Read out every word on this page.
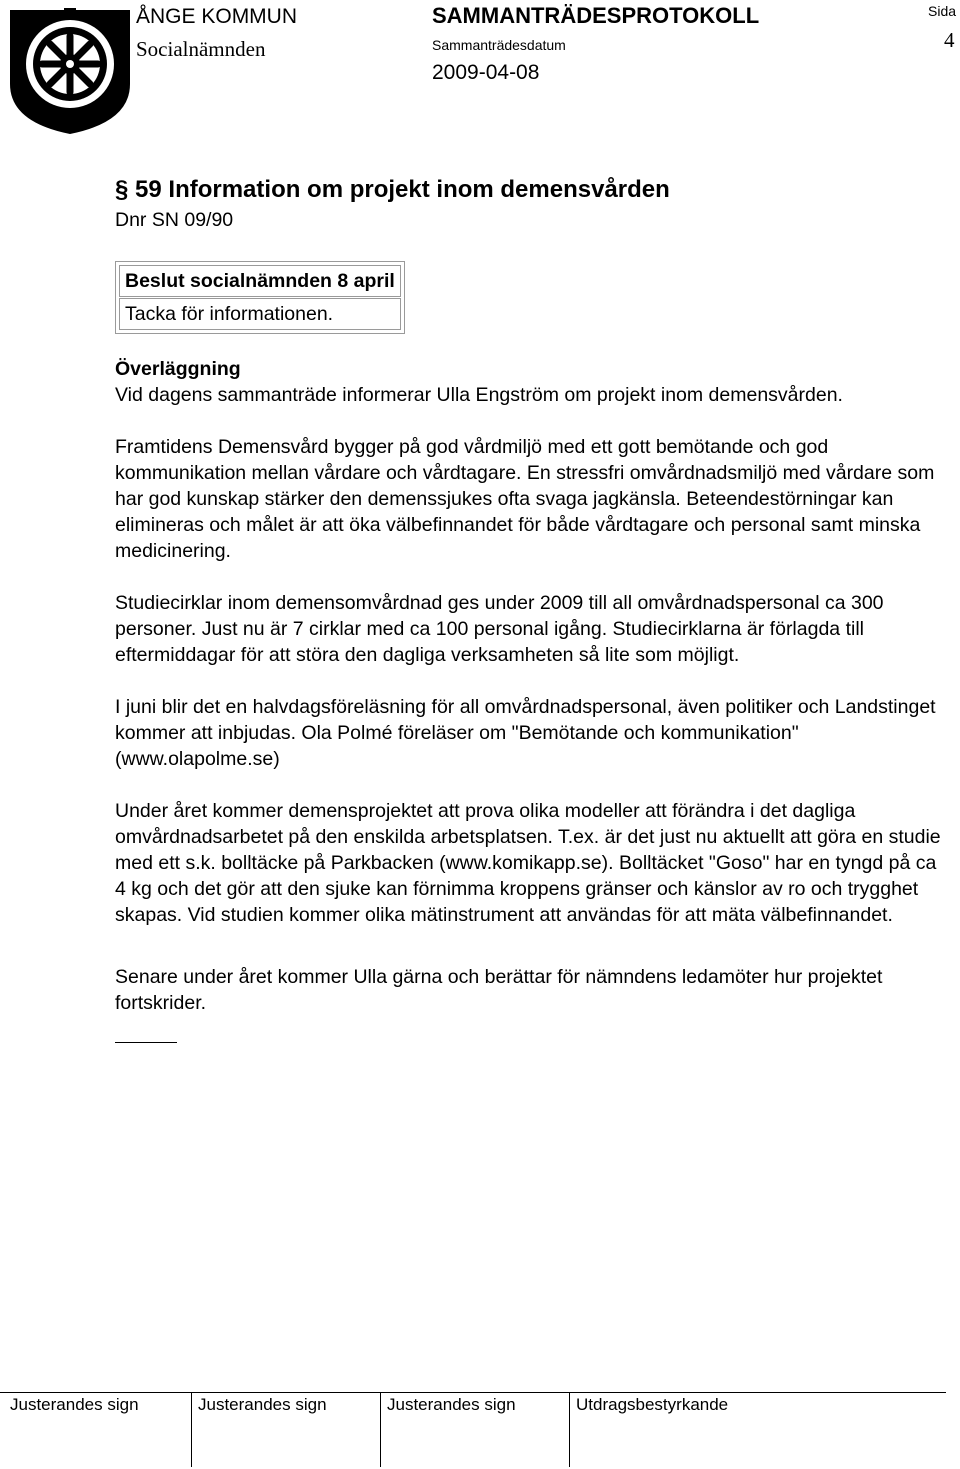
ÅNGE KOMMUN
Socialnämnden
SAMMANTRÄDESPROTOKOLL
Sammanträdesdatum
2009-04-08
Sida
4
§ 59 Information om projekt inom demensvården
Dnr SN 09/90
Beslut socialnämnden 8 april
Tacka för informationen.
Överläggning

Vid dagens sammanträde informerar Ulla Engström om projekt inom demensvården.

Framtidens Demensvård bygger på god vårdmiljö med ett gott bemötande och god kommunikation mellan vårdare och vårdtagare. En stressfri omvårdnadsmiljö med vårdare som har god kunskap stärker den demenssjukes ofta svaga jagkänsla. Beteendestörningar kan elimineras och målet är att öka välbefinnandet för både vårdtagare och personal samt minska medicinering.

Studiecirklar inom demensomvårdnad ges under 2009 till all omvårdnadspersonal ca 300 personer. Just nu är 7 cirklar med ca 100 personal igång. Studiecirklarna är förlagda till eftermiddagar för att störa den dagliga verksamheten så lite som möjligt.

I juni blir det en halvdagsföreläsning för all omvårdnadspersonal, även politiker och Landstinget kommer att inbjudas. Ola Polmé föreläser om "Bemötande och kommunikation" (www.olapolme.se)

Under året kommer demensprojektet att prova olika modeller att förändra i det dagliga omvårdnadsarbetet på den enskilda arbetsplatsen. T.ex. är det just nu aktuellt att göra en studie med ett s.k. bolltäcke på Parkbacken (www.komikapp.se). Bolltäcket "Goso" har en tyngd på ca 4 kg och det gör att den sjuke kan förnimma kroppens gränser och känslor av ro och trygghet skapas. Vid studien kommer olika mätinstrument att användas för att mäta välbefinnandet.

Senare under året kommer Ulla gärna och berättar för nämndens ledamöter hur projektet fortskrider.

Justerandes sign	Justerandes sign	Justerandes sign	Utdragsbestyrkande
